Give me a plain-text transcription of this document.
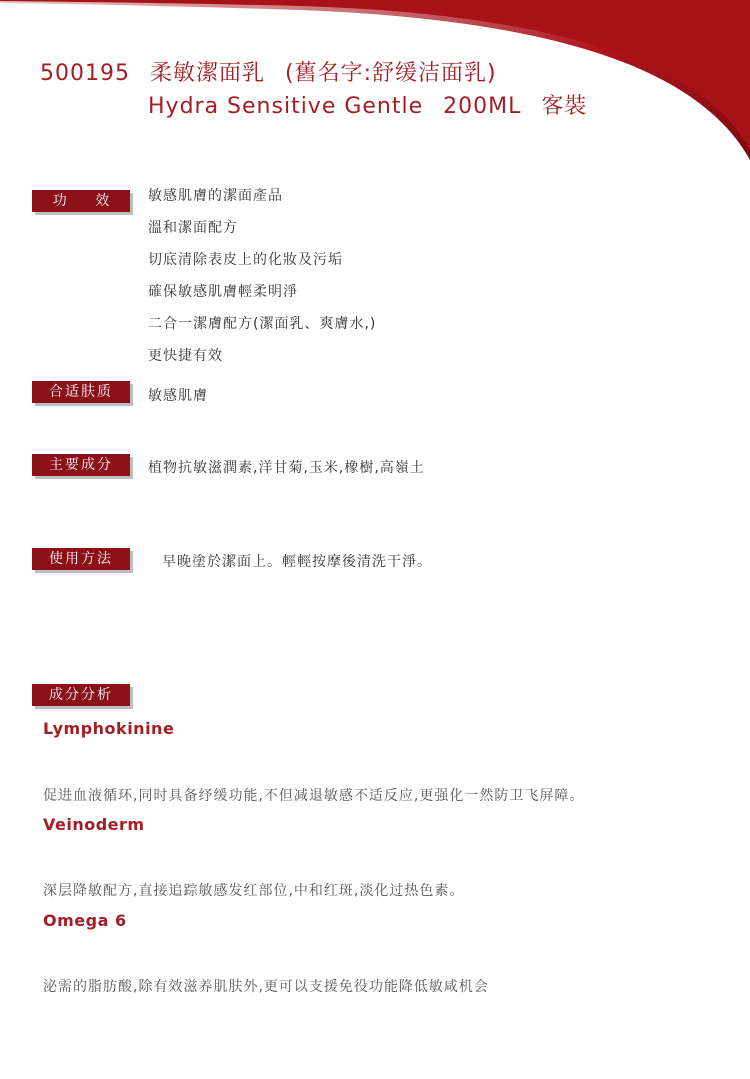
500195 柔敏潔面乳 (舊名字:舒缓洁面乳)
Hydra Sensitive Gentle 200ML 客裝
功 效	敏感肌膚的潔面產品
溫和潔面配方
切底清除表皮上的化妝及污垢
確保敏感肌膚輕柔明淨
二合一潔膚配方(潔面乳、爽膚水,)
更快捷有效
合适肤质	敏感肌膚
主要成分	植物抗敏滋潤素,洋甘菊,玉米,橡樹,高嶺土
使用方法	早晚塗於潔面上。輕輕按摩後清洗干淨。
成分分析
Lymphokinine
促进血液循环,同时具备纾缓功能,不但减退敏感不适反应,更强化一然防卫飞屏障。
Veinoderm
深层降敏配方,直接追踪敏感发红部位,中和红斑,淡化过热色素。
Omega 6
泌需的脂肪酸,除有效滋养肌肤外,更可以支援免役功能降低敏咸机会
